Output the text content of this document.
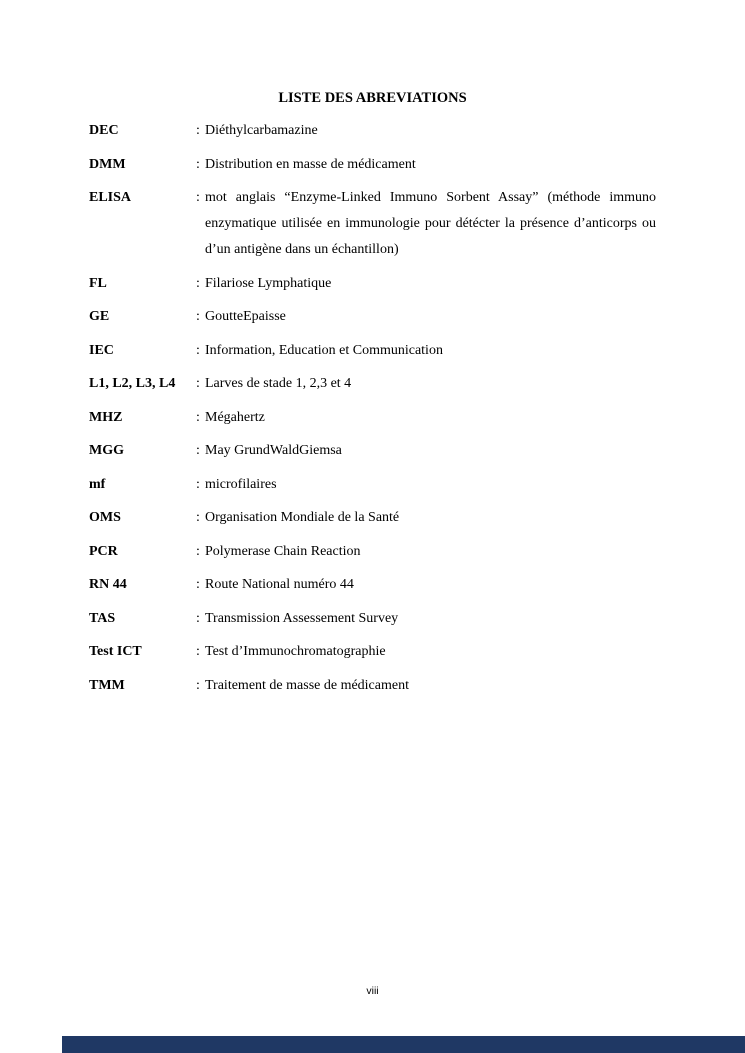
LISTE DES ABREVIATIONS
DEC	: Diéthylcarbamazine
DMM	: Distribution en masse de médicament
ELISA	: mot anglais “Enzyme-Linked Immuno Sorbent Assay” (méthode immuno enzymatique utilisée en immunologie pour détécter la présence d’anticorps ou d’un antigène dans un échantillon)
FL	: Filariose Lymphatique
GE	: GoutteEpaisse
IEC	: Information, Education et Communication
L1, L2, L3, L4	: Larves de stade 1, 2,3 et 4
MHZ	: Mégahertz
MGG	: May GrundWaldGiemsa
mf	: microfilaires
OMS	: Organisation Mondiale de la Santé
PCR	: Polymerase Chain Reaction
RN 44	: Route National numéro 44
TAS	: Transmission Assessement Survey
Test ICT	: Test d’Immunochromatographie
TMM	: Traitement de masse de médicament
viii
